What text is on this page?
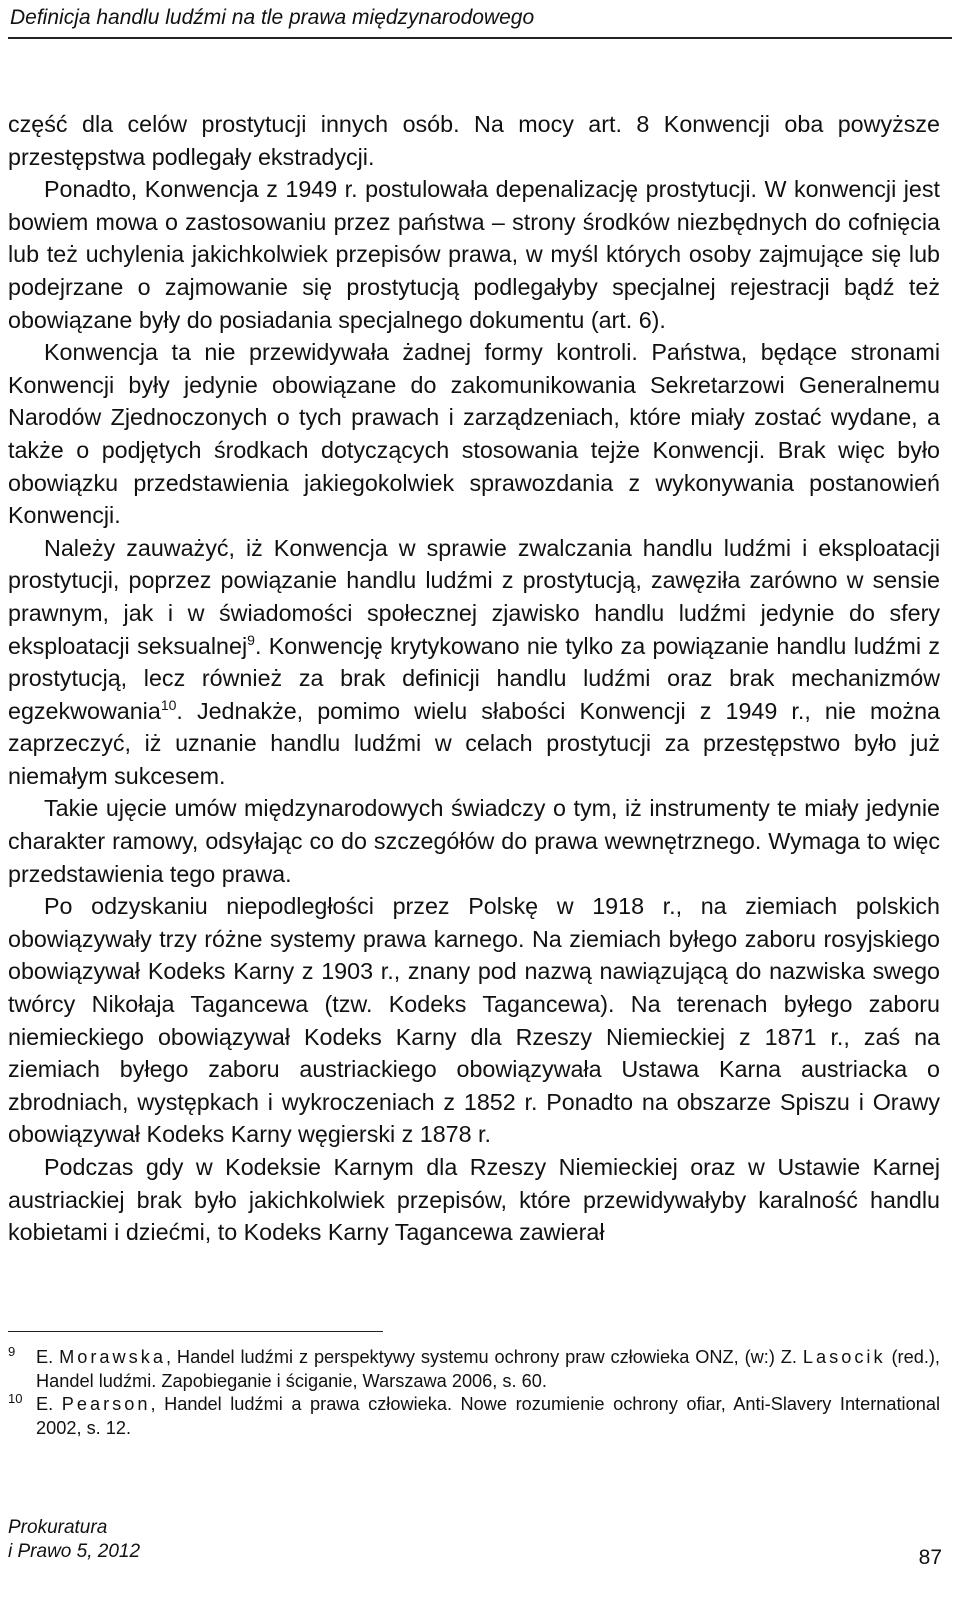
Definicja handlu ludźmi na tle prawa międzynarodowego

część dla celów prostytucji innych osób. Na mocy art. 8 Konwencji oba powyższe przestępstwa podlegały ekstradycji.

Ponadto, Konwencja z 1949 r. postulowała depenalizację prostytucji. W konwencji jest bowiem mowa o zastosowaniu przez państwa – strony środków niezbędnych do cofnięcia lub też uchylenia jakichkolwiek przepisów prawa, w myśl których osoby zajmujące się lub podejrzane o zajmowanie się prostytucją podlegałyby specjalnej rejestracji bądź też obowiązane były do posiadania specjalnego dokumentu (art. 6).

Konwencja ta nie przewidywała żadnej formy kontroli. Państwa, będące stronami Konwencji były jedynie obowiązane do zakomunikowania Sekretarzowi Generalnemu Narodów Zjednoczonych o tych prawach i zarządzeniach, które miały zostać wydane, a także o podjętych środkach dotyczących stosowania tejże Konwencji. Brak więc było obowiązku przedstawienia jakiegokolwiek sprawozdania z wykonywania postanowień Konwencji.

Należy zauważyć, iż Konwencja w sprawie zwalczania handlu ludźmi i eksploatacji prostytucji, poprzez powiązanie handlu ludźmi z prostytucją, zawęziła zarówno w sensie prawnym, jak i w świadomości społecznej zjawisko handlu ludźmi jedynie do sfery eksploatacji seksualnej$^9$. Konwencję krytykowano nie tylko za powiązanie handlu ludźmi z prostytucją, lecz również za brak definicji handlu ludźmi oraz brak mechanizmów egzekwowania$^{10}$. Jednakże, pomimo wielu słabości Konwencji z 1949 r., nie można zaprzeczyć, iż uznanie handlu ludźmi w celach prostytucji za przestępstwo było już niemałym sukcesem.

Takie ujęcie umów międzynarodowych świadczy o tym, iż instrumenty te miały jedynie charakter ramowy, odsyłając co do szczegółów do prawa wewnętrznego. Wymaga to więc przedstawienia tego prawa.

Po odzyskaniu niepodległości przez Polskę w 1918 r., na ziemiach polskich obowiązywały trzy różne systemy prawa karnego. Na ziemiach byłego zaboru rosyjskiego obowiązywał Kodeks Karny z 1903 r., znany pod nazwą nawiązującą do nazwiska swego twórcy Nikołaja Tagancewa (tzw. Kodeks Tagancewa). Na terenach byłego zaboru niemieckiego obowiązywał Kodeks Karny dla Rzeszy Niemieckiej z 1871 r., zaś na ziemiach byłego zaboru austriackiego obowiązywała Ustawa Karna austriacka o zbrodniach, występkach i wykroczeniach z 1852 r. Ponadto na obszarze Spiszu i Orawy obowiązywał Kodeks Karny węgierski z 1878 r.

Podczas gdy w Kodeksie Karnym dla Rzeszy Niemieckiej oraz w Ustawie Karnej austriackiej brak było jakichkolwiek przepisów, które przewidywałyby karalność handlu kobietami i dziećmi, to Kodeks Karny Tagancewa zawierał

9 E. Morawska, Handel ludźmi z perspektywy systemu ochrony praw człowieka ONZ, (w:) Z. Lasocik (red.), Handel ludźmi. Zapobieganie i ściganie, Warszawa 2006, s. 60.
10 E. Pearson, Handel ludźmi a prawa człowieka. Nowe rozumienie ochrony ofiar, Anti-Slavery International 2002, s. 12.
Prokuratura
i Prawo 5, 2012	87
